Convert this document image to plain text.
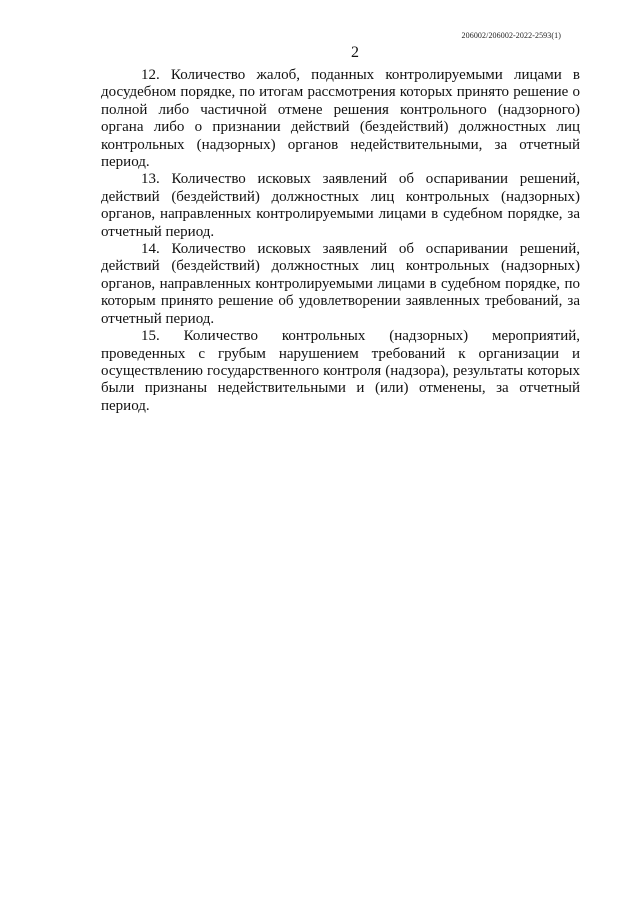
206002/206002-2022-2593(1)
2

12. Количество жалоб, поданных контролируемыми лицами в досудебном порядке, по итогам рассмотрения которых принято решение о полной либо частичной отмене решения контрольного (надзорного) органа либо о признании действий (бездействий) должностных лиц контрольных (надзорных) органов недействительными, за отчетный период.

13. Количество исковых заявлений об оспаривании решений, действий (бездействий) должностных лиц контрольных (надзорных) органов, направленных контролируемыми лицами в судебном порядке, за отчетный период.

14. Количество исковых заявлений об оспаривании решений, действий (бездействий) должностных лиц контрольных (надзорных) органов, направленных контролируемыми лицами в судебном порядке, по которым принято решение об удовлетворении заявленных требований, за отчетный период.

15. Количество контрольных (надзорных) мероприятий, проведенных с грубым нарушением требований к организации и осуществлению государственного контроля (надзора), результаты которых были признаны недействительными и (или) отменены, за отчетный период.
